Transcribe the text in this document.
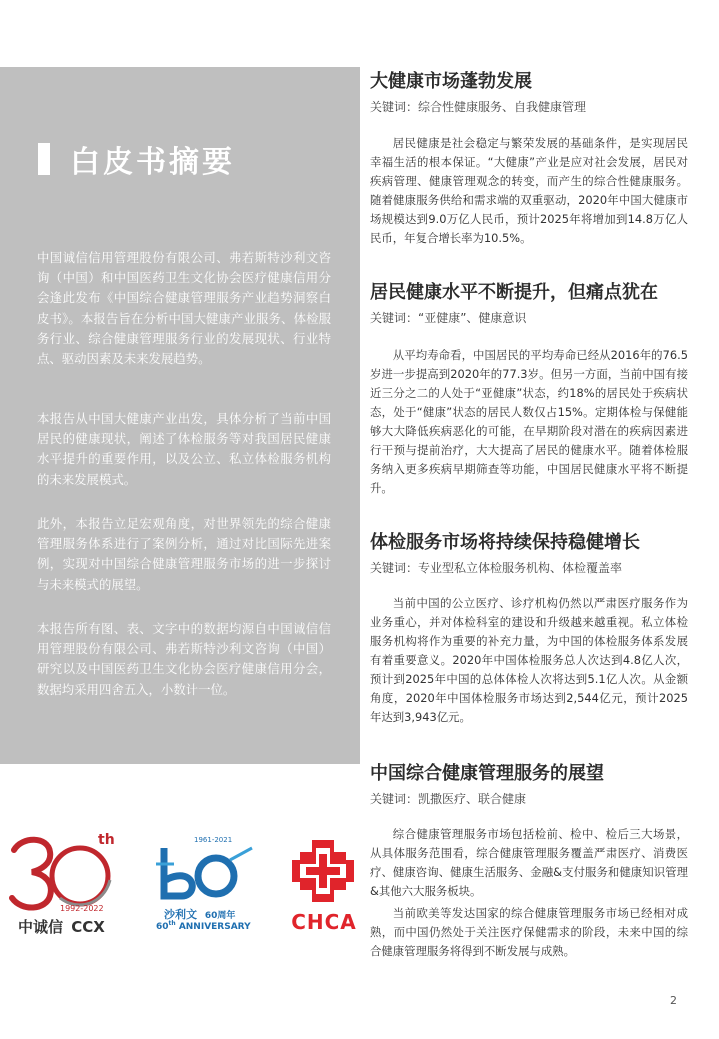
白皮书摘要

中国诚信信用管理股份有限公司、弗若斯特沙利文咨询（中国）和中国医药卫生文化协会医疗健康信用分会逢此发布《中国综合健康管理服务产业趋势洞察白皮书》。本报告旨在分析中国大健康产业服务、体检服务行业、综合健康管理服务行业的发展现状、行业特点、驱动因素及未来发展趋势。

本报告从中国大健康产业出发，具体分析了当前中国居民的健康现状，阐述了体检服务等对我国居民健康水平提升的重要作用，以及公立、私立体检服务机构的未来发展模式。

此外，本报告立足宏观角度，对世界领先的综合健康管理服务体系进行了案例分析，通过对比国际先进案例，实现对中国综合健康管理服务市场的进一步探讨与未来模式的展望。

本报告所有图、表、文字中的数据均源自中国诚信信用管理股份有限公司、弗若斯特沙利文咨询（中国）研究以及中国医药卫生文化协会医疗健康信用分会，数据均采用四舍五入，小数计一位。

大健康市场蓬勃发展

关键词：综合性健康服务、自我健康管理

居民健康是社会稳定与繁荣发展的基础条件，是实现居民幸福生活的根本保证。“大健康”产业是应对社会发展，居民对疾病管理、健康管理观念的转变，而产生的综合性健康服务。随着健康服务供给和需求端的双重驱动，2020年中国大健康市场规模达到9.0万亿人民币，预计2025年将增加到14.8万亿人民币，年复合增长率为10.5%。

居民健康水平不断提升，但痛点犹在

关键词：“亚健康”、健康意识

从平均寿命看，中国居民的平均寿命已经从2016年的76.5岁进一步提高到2020年的77.3岁。但另一方面，当前中国有接近三分之二的人处于“亚健康”状态，约18%的居民处于疾病状态，处于“健康”状态的居民人数仅占15%。定期体检与保健能够大大降低疾病恶化的可能，在早期阶段对潜在的疾病因素进行干预与提前治疗，大大提高了居民的健康水平。随着体检服务纳入更多疾病早期筛查等功能，中国居民健康水平将不断提升。

体检服务市场将持续保持稳健增长

关键词：专业型私立体检服务机构、体检覆盖率

当前中国的公立医疗、诊疗机构仍然以严肃医疗服务作为业务重心，并对体检科室的建设和升级越来越重视。私立体检服务机构将作为重要的补充力量，为中国的体检服务体系发展有着重要意义。2020年中国体检服务总人次达到4.8亿人次，预计到2025年中国的总体体检人次将达到5.1亿人次。从金额角度，2020年中国体检服务市场达到2,544亿元，预计2025年达到3,943亿元。

中国综合健康管理服务的展望

关键词：凯撒医疗、联合健康

综合健康管理服务市场包括检前、检中、检后三大场景，从具体服务范围看，综合健康管理服务覆盖严肃医疗、消费医疗、健康咨询、健康生活服务、金融&支付服务和健康知识管理&其他六大服务板块。

当前欧美等发达国家的综合健康管理服务市场已经相对成熟，而中国仍然处于关注医疗保健需求的阶段，未来中国的综合健康管理服务将得到不断发展与成熟。

th
1992-2022
中诚信 CCX
1961-2021
沙利文 60周年
60th ANNIVERSARY	CHCA
2
